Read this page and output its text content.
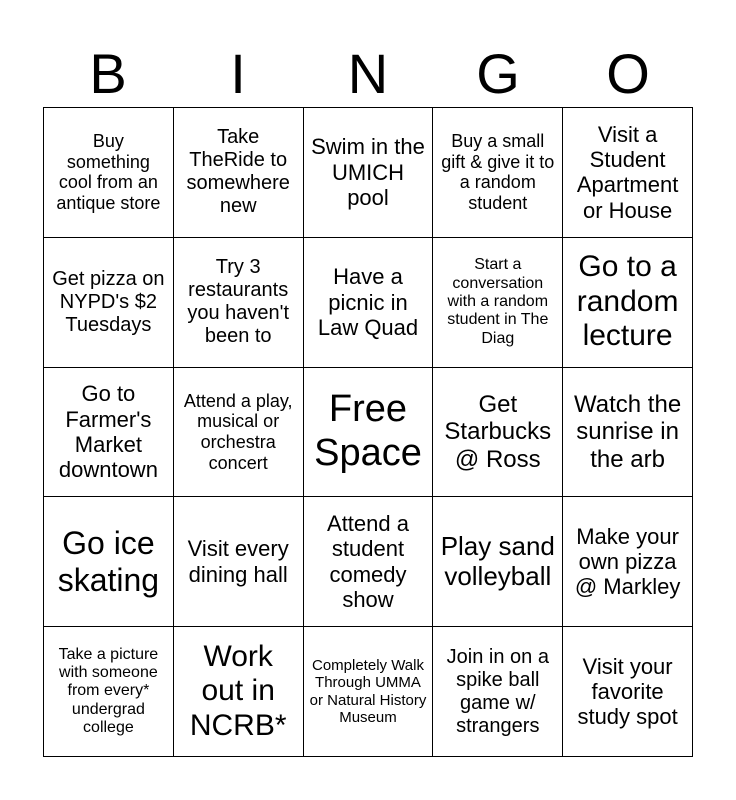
B	I	N	G	O
Buy something cool from an antique store
Take TheRide to somewhere new
Swim in the UMICH pool
Buy a small gift & give it to a random student
Visit a Student Apartment or House
Get pizza on NYPD's $2 Tuesdays
Try 3 restaurants you haven't been to
Have a picnic in Law Quad
Start a conversation with a random student in The Diag
Go to a random lecture
Go to Farmer's Market downtown
Attend a play, musical or orchestra concert
Free Space
Get Starbucks @ Ross
Watch the sunrise in the arb
Go ice skating
Visit every dining hall
Attend a student comedy show
Play sand volleyball
Make your own pizza @ Markley
Take a picture with someone from every* undergrad college
Work out in NCRB*
Completely Walk Through UMMA or Natural History Museum
Join in on a spike ball game w/ strangers
Visit your favorite study spot
